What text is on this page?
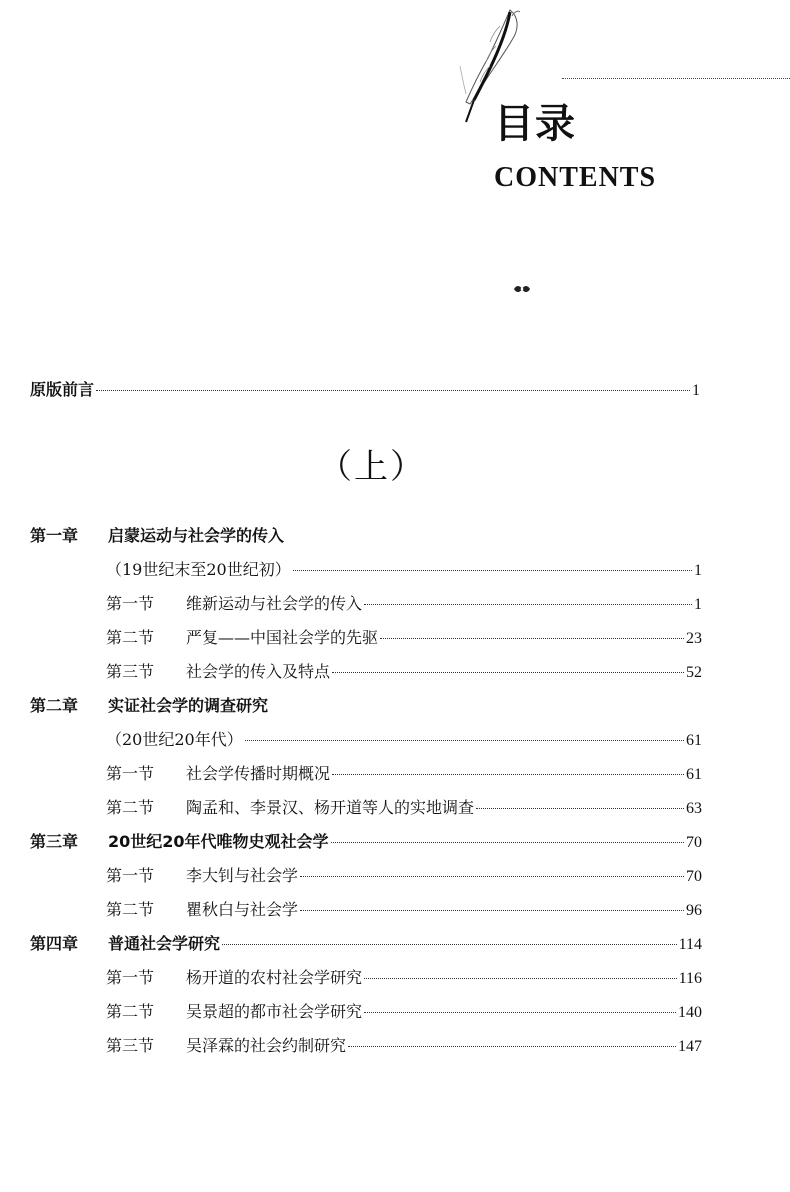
目录
CONTENTS
原版前言	1
（上）
第一章	启蒙运动与社会学的传入
（19世纪末至20世纪初）	1
第一节	维新运动与社会学的传入	1
第二节	严复——中国社会学的先驱	23
第三节	社会学的传入及特点	52
第二章	实证社会学的调查研究
（20世纪20年代）	61
第一节	社会学传播时期概况	61
第二节	陶孟和、李景汉、杨开道等人的实地调查	63
第三章	20世纪20年代唯物史观社会学	70
第一节	李大钊与社会学	70
第二节	瞿秋白与社会学	96
第四章	普通社会学研究	114
第一节	杨开道的农村社会学研究	116
第二节	吴景超的都市社会学研究	140
第三节	吴泽霖的社会约制研究	147
